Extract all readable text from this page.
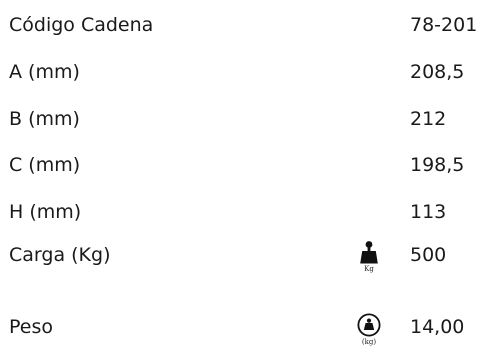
Código Cadena	78-201
A (mm)	208,5
B (mm)	212
C (mm)	198,5
H (mm)	113
Carga (Kg)	500
Kg
Peso	14,00
(kg)
